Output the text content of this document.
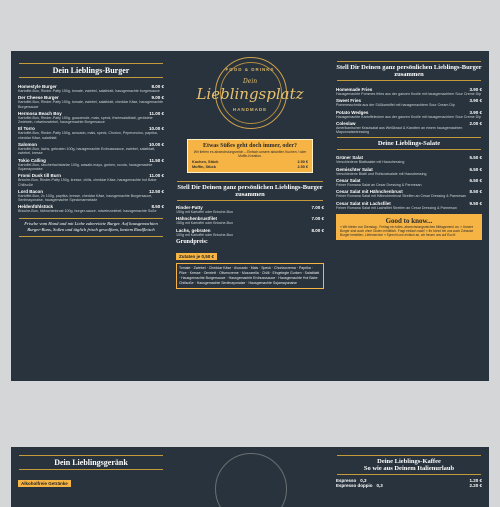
Dein Lieblings-Burger
Homestyle Burger	8.00 €
Kartoffel-Bun, Rinder-Patty 150g, tomate, zwiebel, salatblatt, hausgemachte burgersauce
Der Cheese Burger	9.00 €
Kartoffel-Bun, Rinder-Patty 150g, tomate, zwiebel, salatblatt, cheddar Käse, hausgemachte Burgersauce
Hermosa Beach Boy	11.00 €
Kartoffel-Bun, Rinder-Patty 150g, guacamole, mais, speck, friséesalatblatt, geröstete Zwiebeln, rotweinzwiebel, hausgemachte Burgersauce
El Torro	10.00 €
Kartoffel-Bun, Rinder-Patty 150g, avocado, mais, speck, Chorizo, Peperoncino, paprika, cheddar Käse, salatblatt
Salomon	10.00 €
Kartoffel-Bun, lachs, gebraten 100g, hausgemachte Erdnusssauce, zwiebel, salatblatt, zwiebel, kresse
Tokio Calling	11.50 €
Kartoffel-Bun, räucherlachstartar 100g, wasabi-mayo, gurken, rucola, hausgemachte Sojamayonaise
Fromi Dusk till Burn	11.00 €
Brioche-Bun, Rinder-Patty 150g, kresse, chilis, cheddar Käse, hausgemachte hot Babe Chilisoße
Lord Bacon	12.50 €
Kartoffel-Bun, 2x 100g, paprika, kresse, cheddar Käse, hausgemachte Burgersauce, Senfmayonaise, hausgemachte Speckmarmelade
Heldenfühlstück	8.50 €
Brioche-Bun, hähnchenbrust 100g, burger-sauce, rotweinzwiebel, hausgemachte Soße
Frische vom Hand und mit Liebe zubereitete Burger. Auf hausgemachten Burger-Buns, Soßen und täglich frisch gewolftem, bestem Rindfleisch
FOOD & DRINKS
Dein
Lieblingsplatz
HANDMADE
Etwas Süßes geht doch immer, oder?
Wir liefern es abwechslungsreich – Einfach unsere aktuellen Kuchen / oder Muffin-Kreation.
Kuchen, Stück	2.50 €
Muffin, Stück	2.50 €
Stell Dir Deinen ganz persönlichen Lieblings-Burger zusammen
Rinder-Patty	7.00 €
150g mit Kartoffel oder Brioche-Bun
Hähnchenbrustfilet	7.00 €
150g mit Kartoffel oder Brioche-Bun
Lachs, gebraten	8.00 €
100g mit Kartoffel oder Brioche-Bun
Grundpreis:
Zutaten je 0,50 €
Tomate · Zwiebel · Cheddar Käse · Avocado · Mais · Speck · Chorizocrema · Paprika · Pilze · Kresse · Omelett · Olivencreme · Mozzarella · Chilli · Eingelegte Gurken · Salatblatt · Hausgemachte Burgersauce · Hausgemachte Erdnusssauce · Hausgemachte Hot Babe Chilisoße · Hausgemachte Senfmayonaise · Hausgemachte Sojamayonaise
Stell Dir Deinen ganz persönlichen Lieblings-Burger zusammen
Homemade Fries	3.90 €
Hausgemachte Pommes frites aus der ganzen Knolle mit hausgemachtem Sour Creme Dip
Sweet Fries	3.90 €
Pommesschnitz aus der Süßkartoffel mit hausgemachtem Sour Cream Dip
Potato Wedges	3.90 €
Hausgemachte Kartoffelecken aus der ganzen Knolle mit hausgemachtem Sour Creme Dip
Coleslaw	2.00 €
Amerikanischer Krautsalat aus Weißkraut & Karotten an einem hausgemachten Mayonnaisedressing
Deine Lieblings-Salate
Grüner Salat	5.50 €
Verschiedene Blattsalate mit Hausdressing
Gemischter Salat	6.50 €
Verschiedene Blatt/ und Rohkostsalate mit Hausdressing
Cesar Salat	6.50 €
Feiner Romana Salat an Cesar Dressing & Parmesan
Cesar Salat mit Hähnchenbrust	8.50 €
Feiner Romana Salat mit Hähnchenbrust Streifen an Cesar Dressing & Parmesan
Cesar Salat mit Lachsfilet	9.50 €
Feiner Romana Salat mit Lachsfilet Streifen an Cesar Dressing & Parmesan
Good to know...
» Wir bieten von Dienstag - Freitag ein tolles, abwechslungsreiches Mittagsmenü an. » Unsere Burger sind auch ohne Gluten erhältlich. Fragt einfach nach! » Ihr könnt bei uns auch Zuhause Burger bestellen, Lieferservice » Sprecht uns einfach an, wir freuen uns auf Euch!
Dein Lieblingsgeränk
Alkoholfreie Getränke
Deine Lieblings-Kaffee
So wie aus Deinem Italienurlaub
Espresso 0,3	1.20 €
Espresso doppio 0,3	2.20 €
